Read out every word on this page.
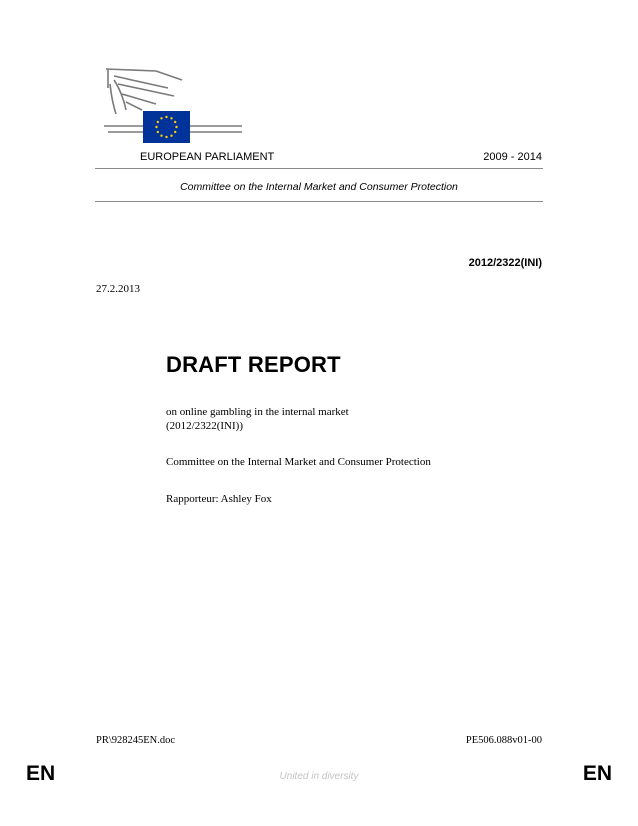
EUROPEAN PARLIAMENT	2009 - 2014
Committee on the Internal Market and Consumer Protection
2012/2322(INI)
27.2.2013
DRAFT REPORT
on online gambling in the internal market
(2012/2322(INI))
Committee on the Internal Market and Consumer Protection
Rapporteur: Ashley Fox
PR\928245EN.doc	PE506.088v01-00
EN	United in diversity	EN
